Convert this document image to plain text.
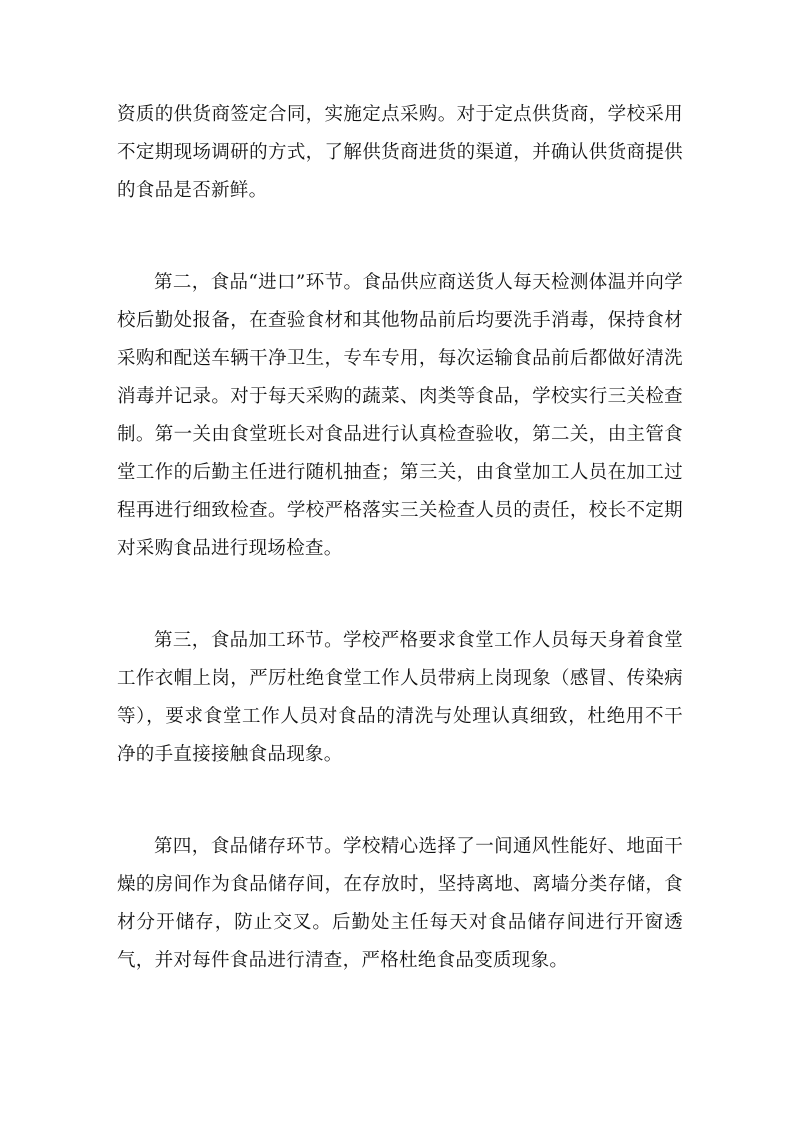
资质的供货商签定合同，实施定点采购。对于定点供货商，学校采用不定期现场调研的方式，了解供货商进货的渠道，并确认供货商提供的食品是否新鲜。

第二，食品“进口”环节。食品供应商送货人每天检测体温并向学校后勤处报备，在查验食材和其他物品前后均要洗手消毒，保持食材采购和配送车辆干净卫生，专车专用，每次运输食品前后都做好清洗消毒并记录。对于每天采购的蔬菜、肉类等食品，学校实行三关检查制。第一关由食堂班长对食品进行认真检查验收，第二关，由主管食堂工作的后勤主任进行随机抽查；第三关，由食堂加工人员在加工过程再进行细致检查。学校严格落实三关检查人员的责任，校长不定期对采购食品进行现场检查。

第三，食品加工环节。学校严格要求食堂工作人员每天身着食堂工作衣帽上岗，严厉杜绝食堂工作人员带病上岗现象（感冒、传染病等），要求食堂工作人员对食品的清洗与处理认真细致，杜绝用不干净的手直接接触食品现象。

第四，食品储存环节。学校精心选择了一间通风性能好、地面干燥的房间作为食品储存间，在存放时，坚持离地、离墙分类存储，食材分开储存，防止交叉。后勤处主任每天对食品储存间进行开窗透气，并对每件食品进行清查，严格杜绝食品变质现象。
